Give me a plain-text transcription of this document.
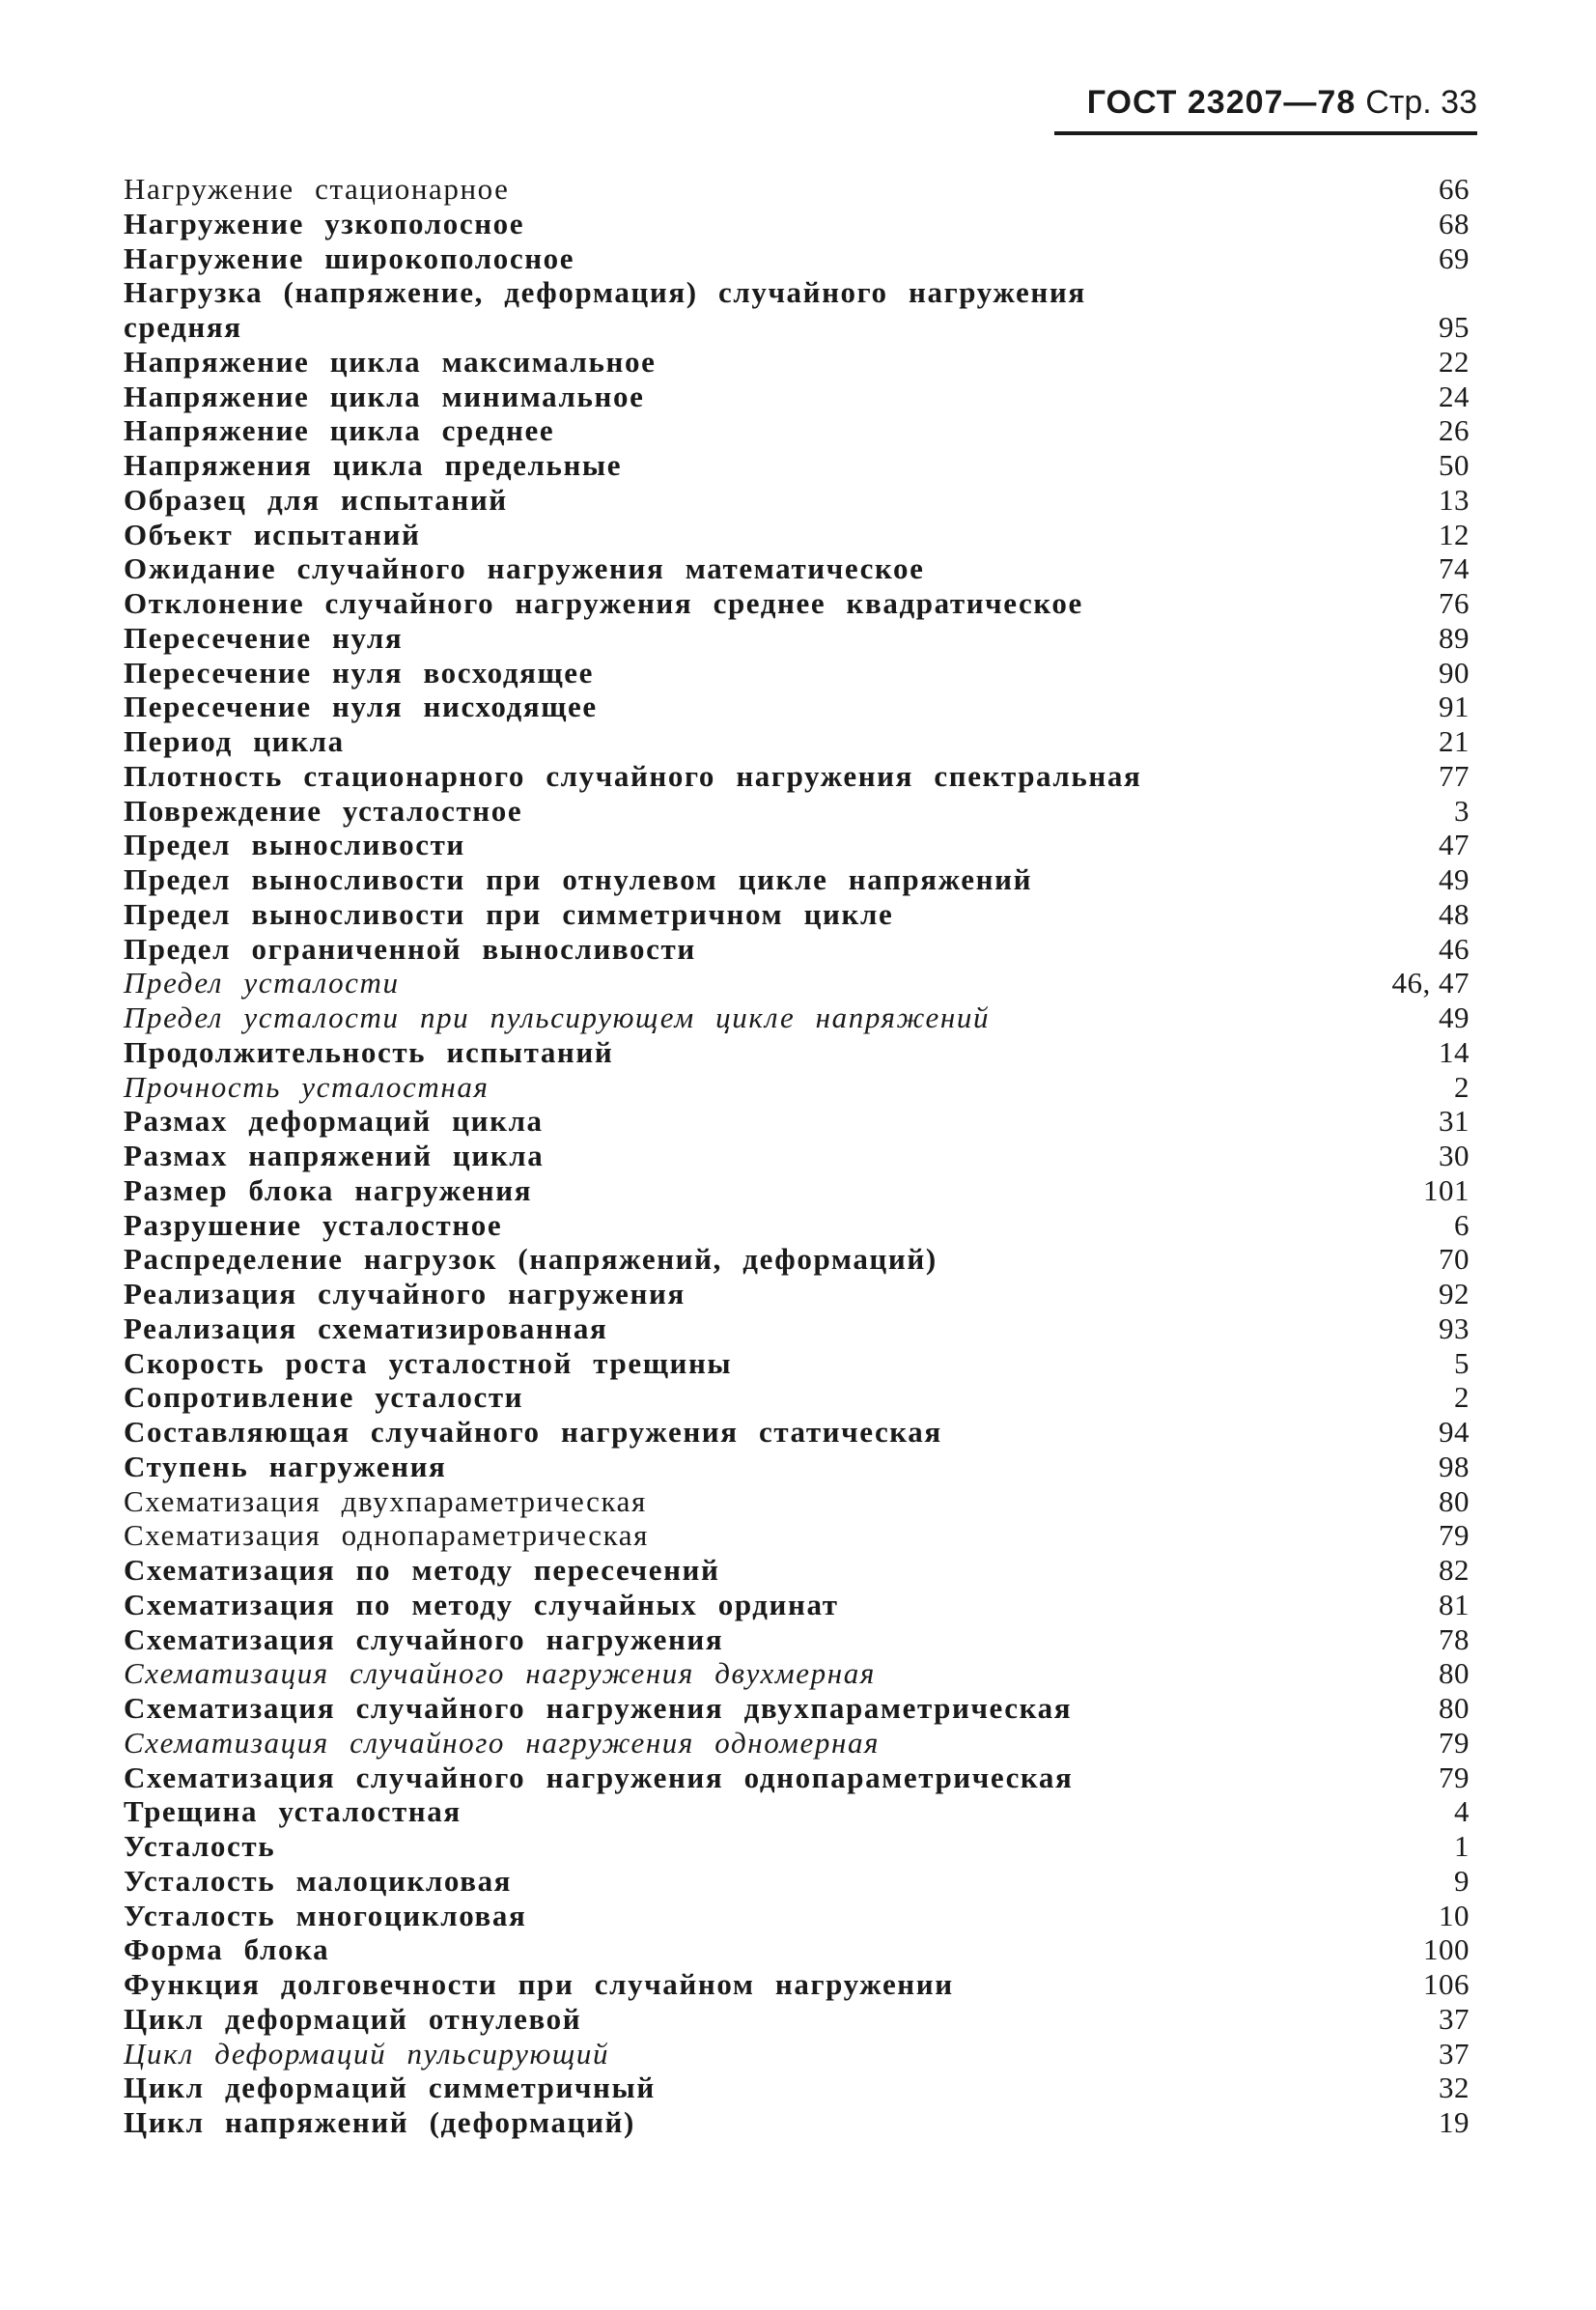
ГОСТ 23207—78 Стр. 33
Нагружение стационарное	66
Нагружение узкополосное	68
Нагружение широкополосное	69
Нагрузка (напряжение, деформация) случайного нагружения
средняя	95
Напряжение цикла максимальное	22
Напряжение цикла минимальное	24
Напряжение цикла среднее	26
Напряжения цикла предельные	50
Образец для испытаний	13
Объект испытаний	12
Ожидание случайного нагружения математическое	74
Отклонение случайного нагружения среднее квадратическое	76
Пересечение нуля	89
Пересечение нуля восходящее	90
Пересечение нуля нисходящее	91
Период цикла	21
Плотность стационарного случайного нагружения спектральная	77
Повреждение усталостное	3
Предел выносливости	47
Предел выносливости при отнулевом цикле напряжений	49
Предел выносливости при симметричном цикле	48
Предел ограниченной выносливости	46
Предел усталости	46, 47
Предел усталости при пульсирующем цикле напряжений	49
Продолжительность испытаний	14
Прочность усталостная	2
Размах деформаций цикла	31
Размах напряжений цикла	30
Размер блока нагружения	101
Разрушение усталостное	6
Распределение нагрузок (напряжений, деформаций)	70
Реализация случайного нагружения	92
Реализация схематизированная	93
Скорость роста усталостной трещины	5
Сопротивление усталости	2
Составляющая случайного нагружения статическая	94
Ступень нагружения	98
Схематизация двухпараметрическая	80
Схематизация однопараметрическая	79
Схематизация по методу пересечений	82
Схематизация по методу случайных ординат	81
Схематизация случайного нагружения	78
Схематизация случайного нагружения двухмерная	80
Схематизация случайного нагружения двухпараметрическая	80
Схематизация случайного нагружения одномерная	79
Схематизация случайного нагружения однопараметрическая	79
Трещина усталостная	4
Усталость	1
Усталость малоцикловая	9
Усталость многоцикловая	10
Форма блока	100
Функция долговечности при случайном нагружении	106
Цикл деформаций отнулевой	37
Цикл деформаций пульсирующий	37
Цикл деформаций симметричный	32
Цикл напряжений (деформаций)	19
